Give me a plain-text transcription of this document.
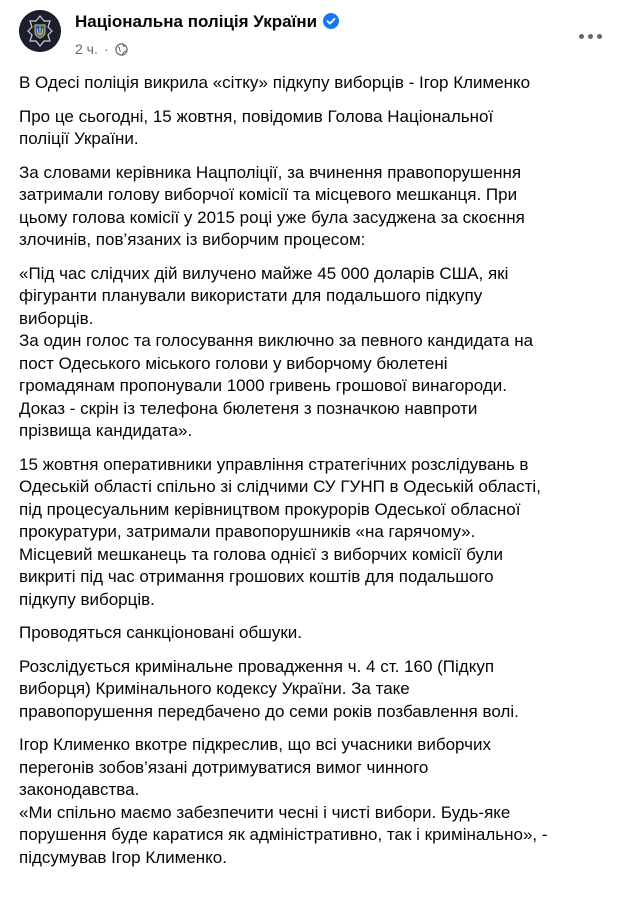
Національна поліція України
2 ч. ·

В Одесі поліція викрила «сітку» підкупу виборців - Ігор Клименко

Про це сьогодні, 15 жовтня, повідомив Голова Національної
поліції України.

За словами керівника Нацполіції, за вчинення правопорушення
затримали голову виборчої комісії та місцевого мешканця. При
цьому голова комісії у 2015 році уже була засуджена за скоєння
злочинів, пов’язаних із виборчим процесом:

«Під час слідчих дій вилучено майже 45 000 доларів США, які
фігуранти планували використати для подальшого підкупу
виборців.
За один голос та голосування виключно за певного кандидата на
пост Одеського міського голови у виборчому бюлетені
громадянам пропонували 1000 гривень грошової винагороди.
Доказ - скрін із телефона бюлетеня з позначкою навпроти
прізвища кандидата».

15 жовтня оперативники управління стратегічних розслідувань в
Одеській області спільно зі слідчими СУ ГУНП в Одеській області,
під процесуальним керівництвом прокурорів Одеської обласної
прокуратури, затримали правопорушників «на гарячому».
Місцевий мешканець та голова однієї з виборчих комісії були
викриті під час отримання грошових коштів для подальшого
підкупу виборців.

Проводяться санкціоновані обшуки.

Розслідується кримінальне провадження ч. 4 ст. 160 (Підкуп
виборця) Кримінального кодексу України. За таке
правопорушення передбачено до семи років позбавлення волі.

Ігор Клименко вкотре підкреслив, що всі учасники виборчих
перегонів зобов’язані дотримуватися вимог чинного
законодавства.
«Ми спільно маємо забезпечити чесні і чисті вибори. Будь-яке
порушення буде каратися як адміністративно, так і кримінально», -
підсумував Ігор Клименко.
